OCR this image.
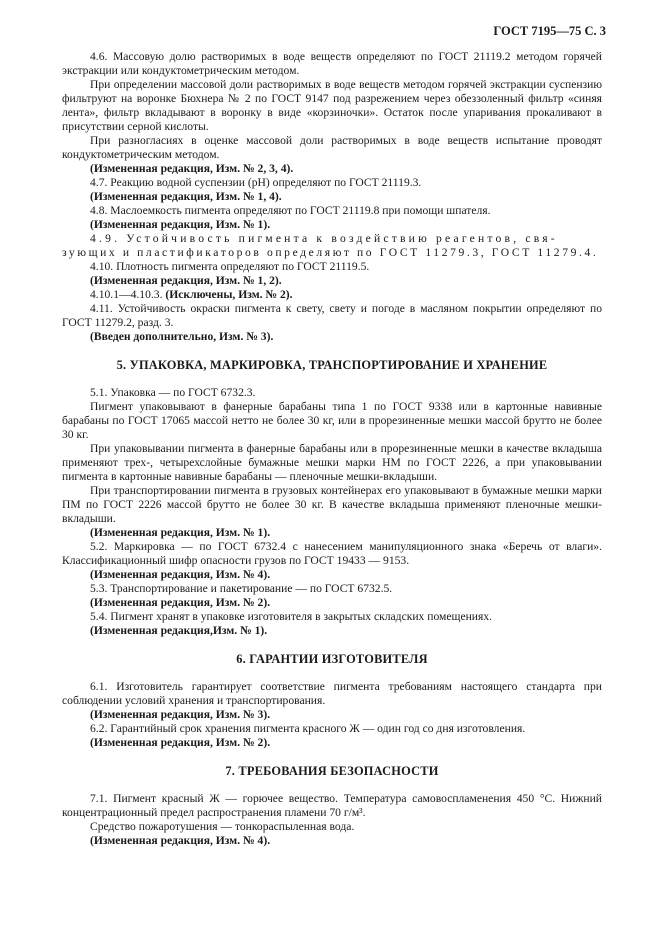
ГОСТ 7195—75 С. 3

4.6. Массовую долю растворимых в воде веществ определяют по ГОСТ 21119.2 методом горячей экстракции или кондуктометрическим методом.

При определении массовой доли растворимых в воде веществ методом горячей экстракции суспензию фильтруют на воронке Бюхнера № 2 по ГОСТ 9147 под разрежением через обеззоленный фильтр «синяя лента», фильтр вкладывают в воронку в виде «корзиночки». Остаток после упаривания прокаливают в присутствии серной кислоты.

При разногласиях в оценке массовой доли растворимых в воде веществ испытание проводят кондуктометрическим методом.

(Измененная редакция, Изм. № 2, 3, 4).

4.7. Реакцию водной суспензии (pH) определяют по ГОСТ 21119.3.

(Измененная редакция, Изм. № 1, 4).

4.8. Маслоемкость пигмента определяют по ГОСТ 21119.8 при помощи шпателя.

(Измененная редакция, Изм. № 1).

4.9. Устойчивость пигмента к воздействию реагентов, свя-

зующих и пластификаторов определяют по ГОСТ 11279.3, ГОСТ 11279.4.

4.10. Плотность пигмента определяют по ГОСТ 21119.5.

(Измененная редакция, Изм. № 1, 2).

4.10.1—4.10.3. (Исключены, Изм. № 2).

4.11. Устойчивость окраски пигмента к свету, свету и погоде в масляном покрытии определяют по ГОСТ 11279.2, разд. 3.

(Введен дополнительно, Изм. № 3).

5. УПАКОВКА, МАРКИРОВКА, ТРАНСПОРТИРОВАНИЕ И ХРАНЕНИЕ

5.1. Упаковка — по ГОСТ 6732.3.

Пигмент упаковывают в фанерные барабаны типа 1 по ГОСТ 9338 или в картонные навивные барабаны по ГОСТ 17065 массой нетто не более 30 кг, или в прорезиненные мешки массой брутто не более 30 кг.

При упаковывании пигмента в фанерные барабаны или в прорезиненные мешки в качестве вкладыша применяют трех-, четырехслойные бумажные мешки марки НМ по ГОСТ 2226, а при упаковывании пигмента в картонные навивные барабаны — пленочные мешки-вкладыши.

При транспортировании пигмента в грузовых контейнерах его упаковывают в бумажные мешки марки ПМ по ГОСТ 2226 массой брутто не более 30 кг. В качестве вкладыша применяют пленочные мешки-вкладыши.

(Измененная редакция, Изм. № 1).

5.2. Маркировка — по ГОСТ 6732.4 с нанесением манипуляционного знака «Беречь от влаги». Классификационный шифр опасности грузов по ГОСТ 19433 — 9153.

(Измененная редакция, Изм. № 4).

5.3. Транспортирование и пакетирование — по ГОСТ 6732.5.

(Измененная редакция, Изм. № 2).

5.4. Пигмент хранят в упаковке изготовителя в закрытых складских помещениях.

(Измененная редакция,Изм. № 1).

6. ГАРАНТИИ ИЗГОТОВИТЕЛЯ

6.1. Изготовитель гарантирует соответствие пигмента требованиям настоящего стандарта при соблюдении условий хранения и транспортирования.

(Измененная редакция, Изм. № 3).

6.2. Гарантийный срок хранения пигмента красного Ж — один год со дня изготовления.

(Измененная редакция, Изм. № 2).

7. ТРЕБОВАНИЯ БЕЗОПАСНОСТИ

7.1. Пигмент красный Ж — горючее вещество. Температура самовоспламенения 450 °С. Нижний концентрационный предел распространения пламени 70 г/м³.

Средство пожаротушения — тонкораспыленная вода.

(Измененная редакция, Изм. № 4).
